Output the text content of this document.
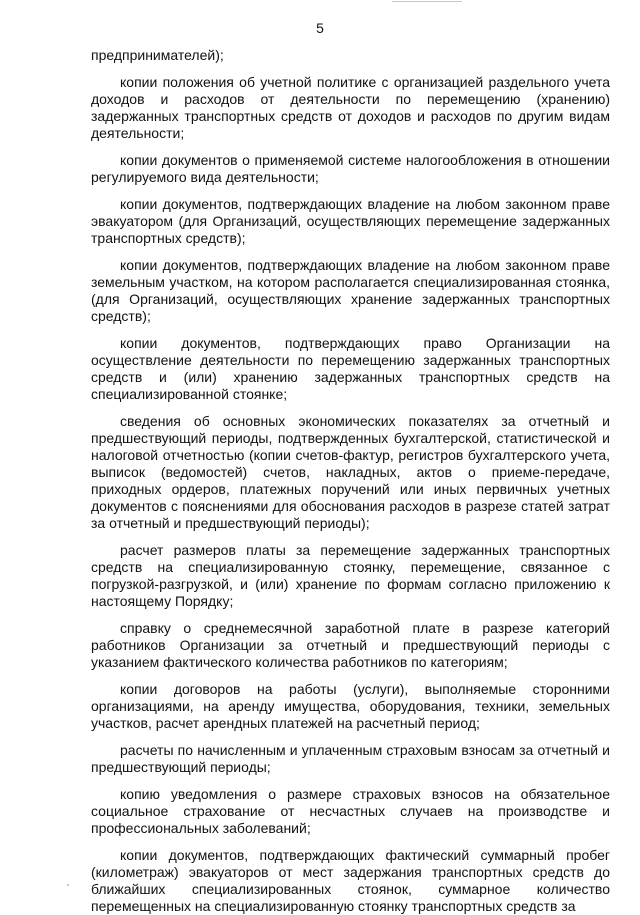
5

предпринимателей);

копии положения об учетной политике с организацией раздельного учета доходов и расходов от деятельности по перемещению (хранению) задержанных транспортных средств от доходов и расходов по другим видам деятельности;

копии документов о применяемой системе налогообложения в отношении регулируемого вида деятельности;

копии документов, подтверждающих владение на любом законном праве эвакуатором (для Организаций, осуществляющих перемещение задержанных транспортных средств);

копии документов, подтверждающих владение на любом законном праве земельным участком, на котором располагается специализированная стоянка, (для Организаций, осуществляющих хранение задержанных транспортных средств);

копии документов, подтверждающих право Организации на осуществление деятельности по перемещению задержанных транспортных средств и (или) хранению задержанных транспортных средств на специализированной стоянке;

сведения об основных экономических показателях за отчетный и предшествующий периоды, подтвержденных бухгалтерской, статистической и налоговой отчетностью (копии счетов-фактур, регистров бухгалтерского учета, выписок (ведомостей) счетов, накладных, актов о приеме-передаче, приходных ордеров, платежных поручений или иных первичных учетных документов с пояснениями для обоснования расходов в разрезе статей затрат за отчетный и предшествующий периоды);

расчет размеров платы за перемещение задержанных транспортных средств на специализированную стоянку, перемещение, связанное с погрузкой-разгрузкой, и (или) хранение по формам согласно приложению к настоящему Порядку;

справку о среднемесячной заработной плате в разрезе категорий работников Организации за отчетный и предшествующий периоды с указанием фактического количества работников по категориям;

копии договоров на работы (услуги), выполняемые сторонними организациями, на аренду имущества, оборудования, техники, земельных участков, расчет арендных платежей на расчетный период;

расчеты по начисленным и уплаченным страховым взносам за отчетный и предшествующий периоды;

копию уведомления о размере страховых взносов на обязательное социальное страхование от несчастных случаев на производстве и профессиональных заболеваний;

копии документов, подтверждающих фактический суммарный пробег (километраж) эвакуаторов от мест задержания транспортных средств до ближайших специализированных стоянок, суммарное количество перемещенных на специализированную стоянку транспортных средств за
